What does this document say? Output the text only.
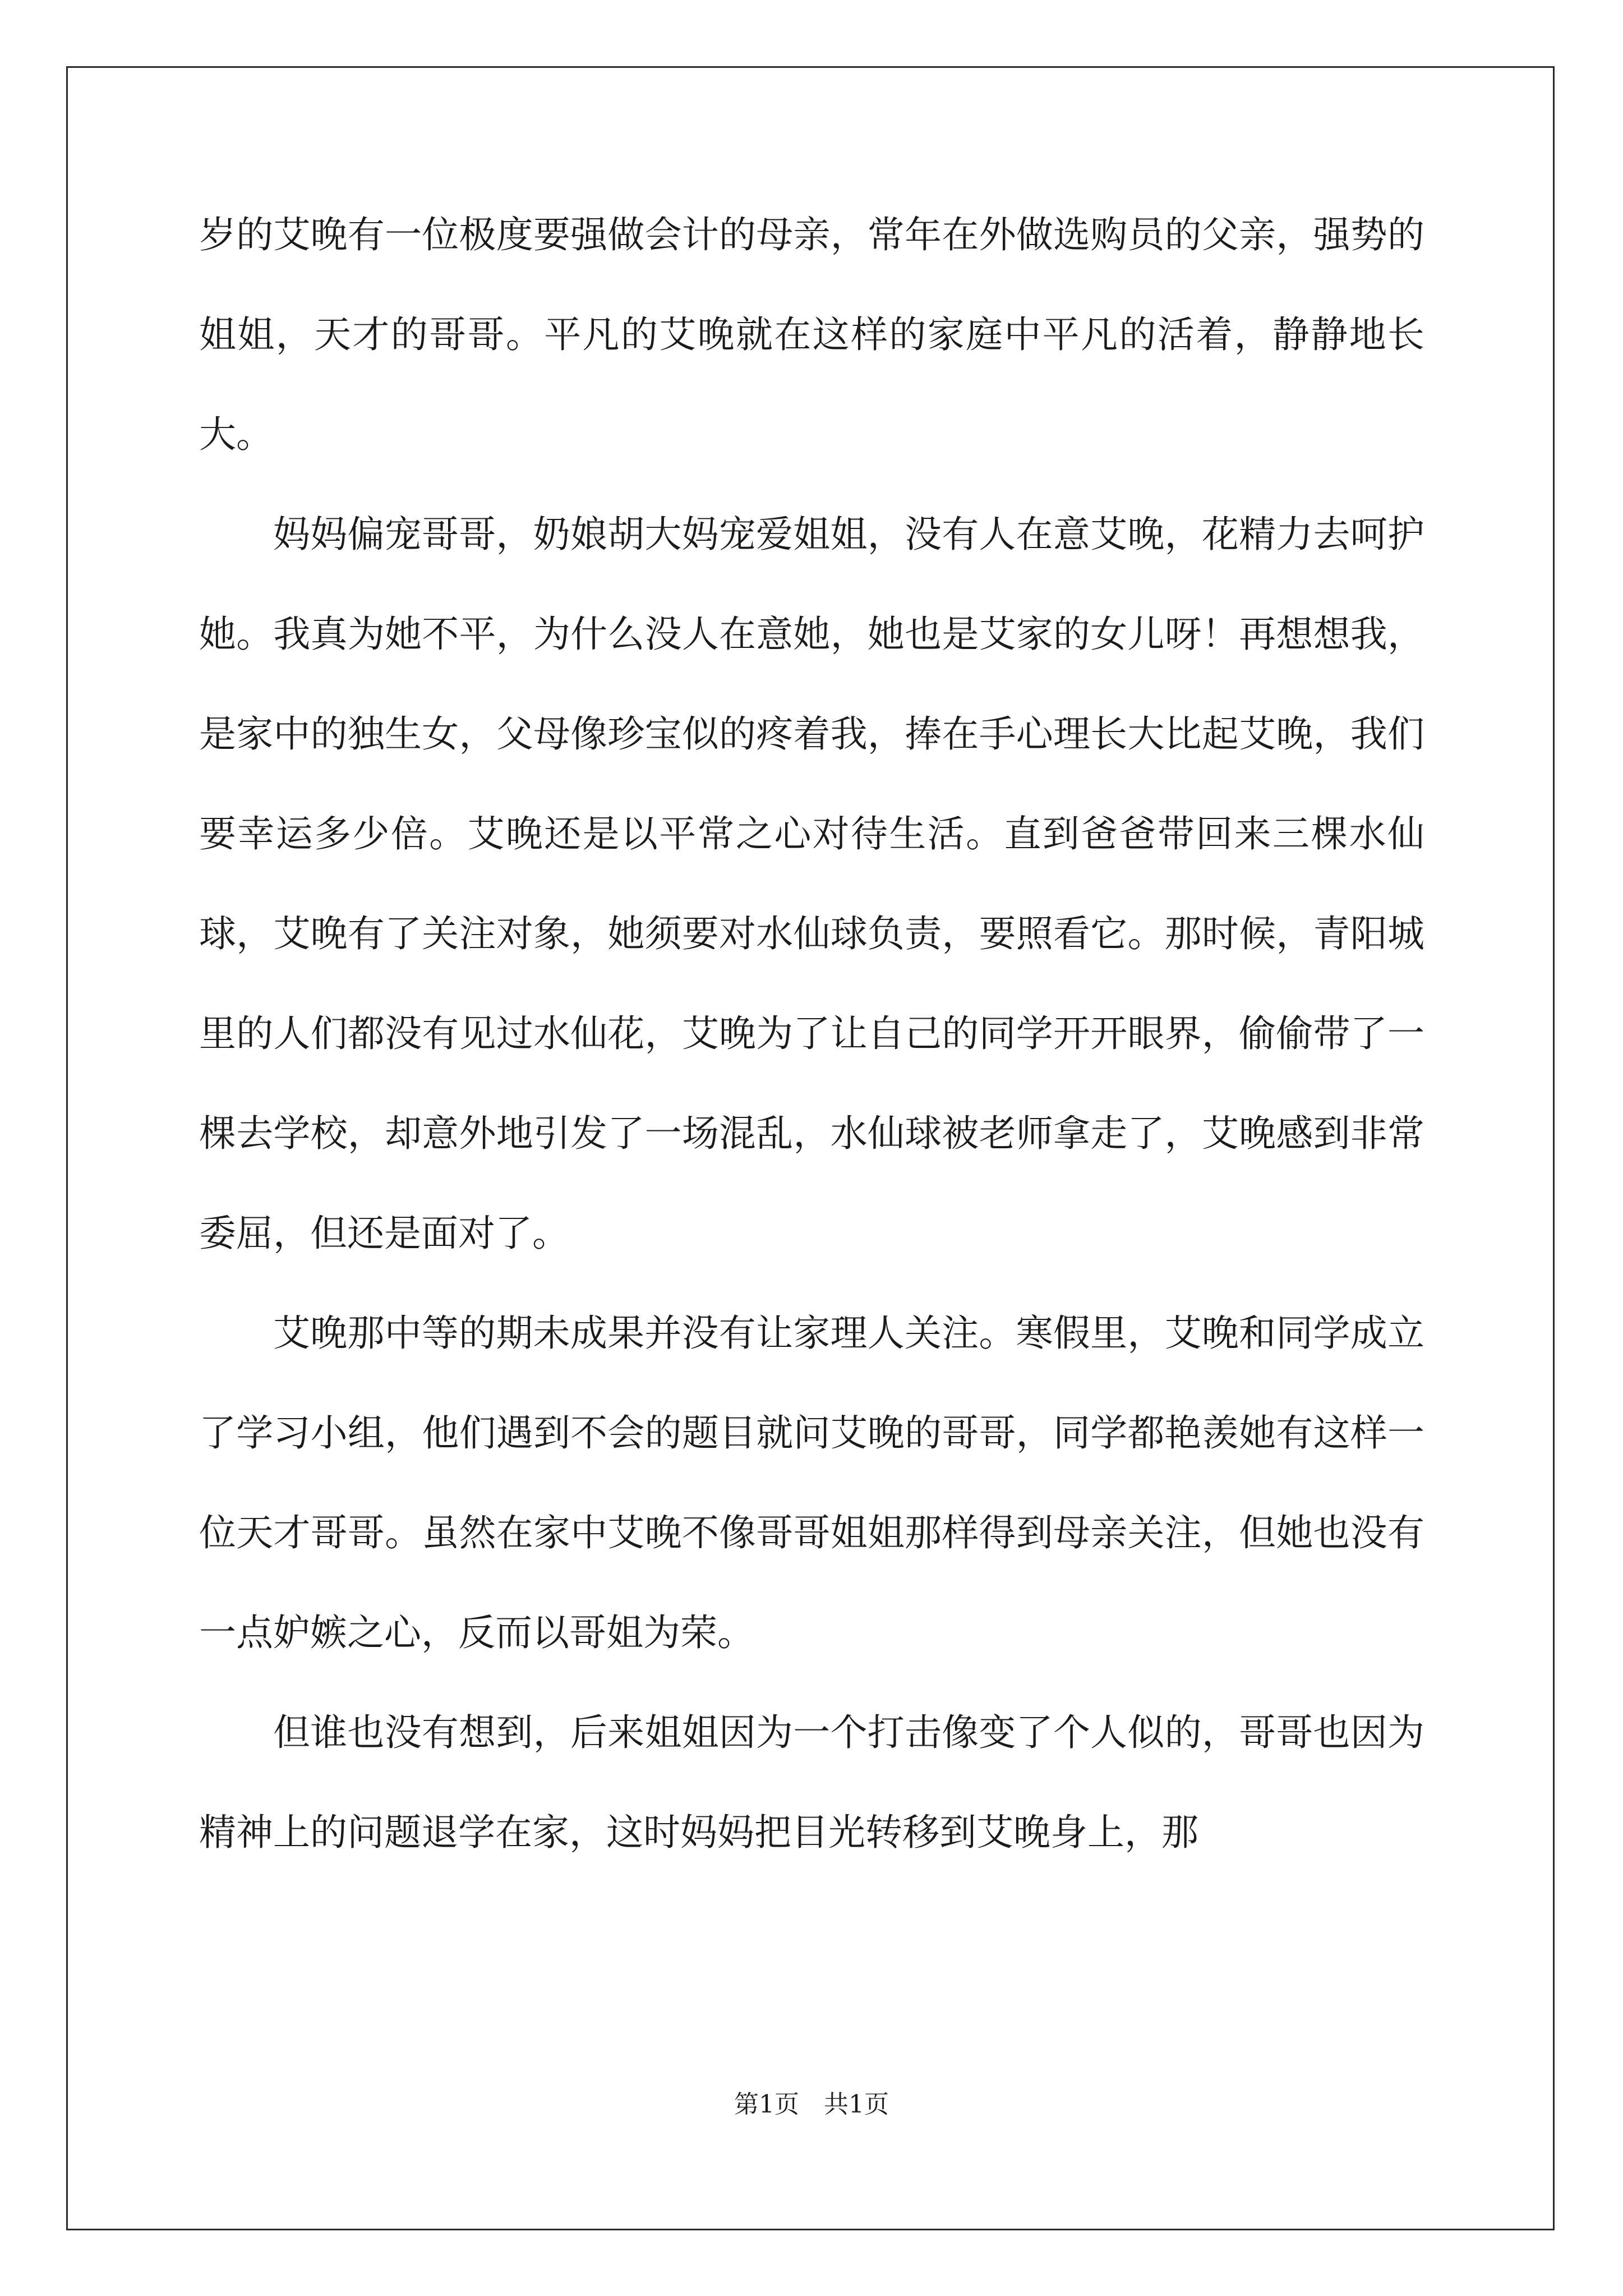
岁的艾晚有一位极度要强做会计的母亲，常年在外做选购员的父亲，强势的姐姐，天才的哥哥。平凡的艾晚就在这样的家庭中平凡的活着，静静地长大。

妈妈偏宠哥哥，奶娘胡大妈宠爱姐姐，没有人在意艾晚，花精力去呵护她。我真为她不平，为什么没人在意她，她也是艾家的女儿呀！再想想我，是家中的独生女，父母像珍宝似的疼着我，捧在手心理长大比起艾晚，我们要幸运多少倍。艾晚还是以平常之心对待生活。直到爸爸带回来三棵水仙球，艾晚有了关注对象，她须要对水仙球负责，要照看它。那时候，青阳城里的人们都没有见过水仙花，艾晚为了让自己的同学开开眼界，偷偷带了一棵去学校，却意外地引发了一场混乱，水仙球被老师拿走了，艾晚感到非常委屈，但还是面对了。

艾晚那中等的期未成果并没有让家理人关注。寒假里，艾晚和同学成立了学习小组，他们遇到不会的题目就问艾晚的哥哥，同学都艳羡她有这样一位天才哥哥。虽然在家中艾晚不像哥哥姐姐那样得到母亲关注，但她也没有一点妒嫉之心，反而以哥姐为荣。

但谁也没有想到，后来姐姐因为一个打击像变了个人似的，哥哥也因为精神上的问题退学在家，这时妈妈把目光转移到艾晚身上，那

第1页 共1页
